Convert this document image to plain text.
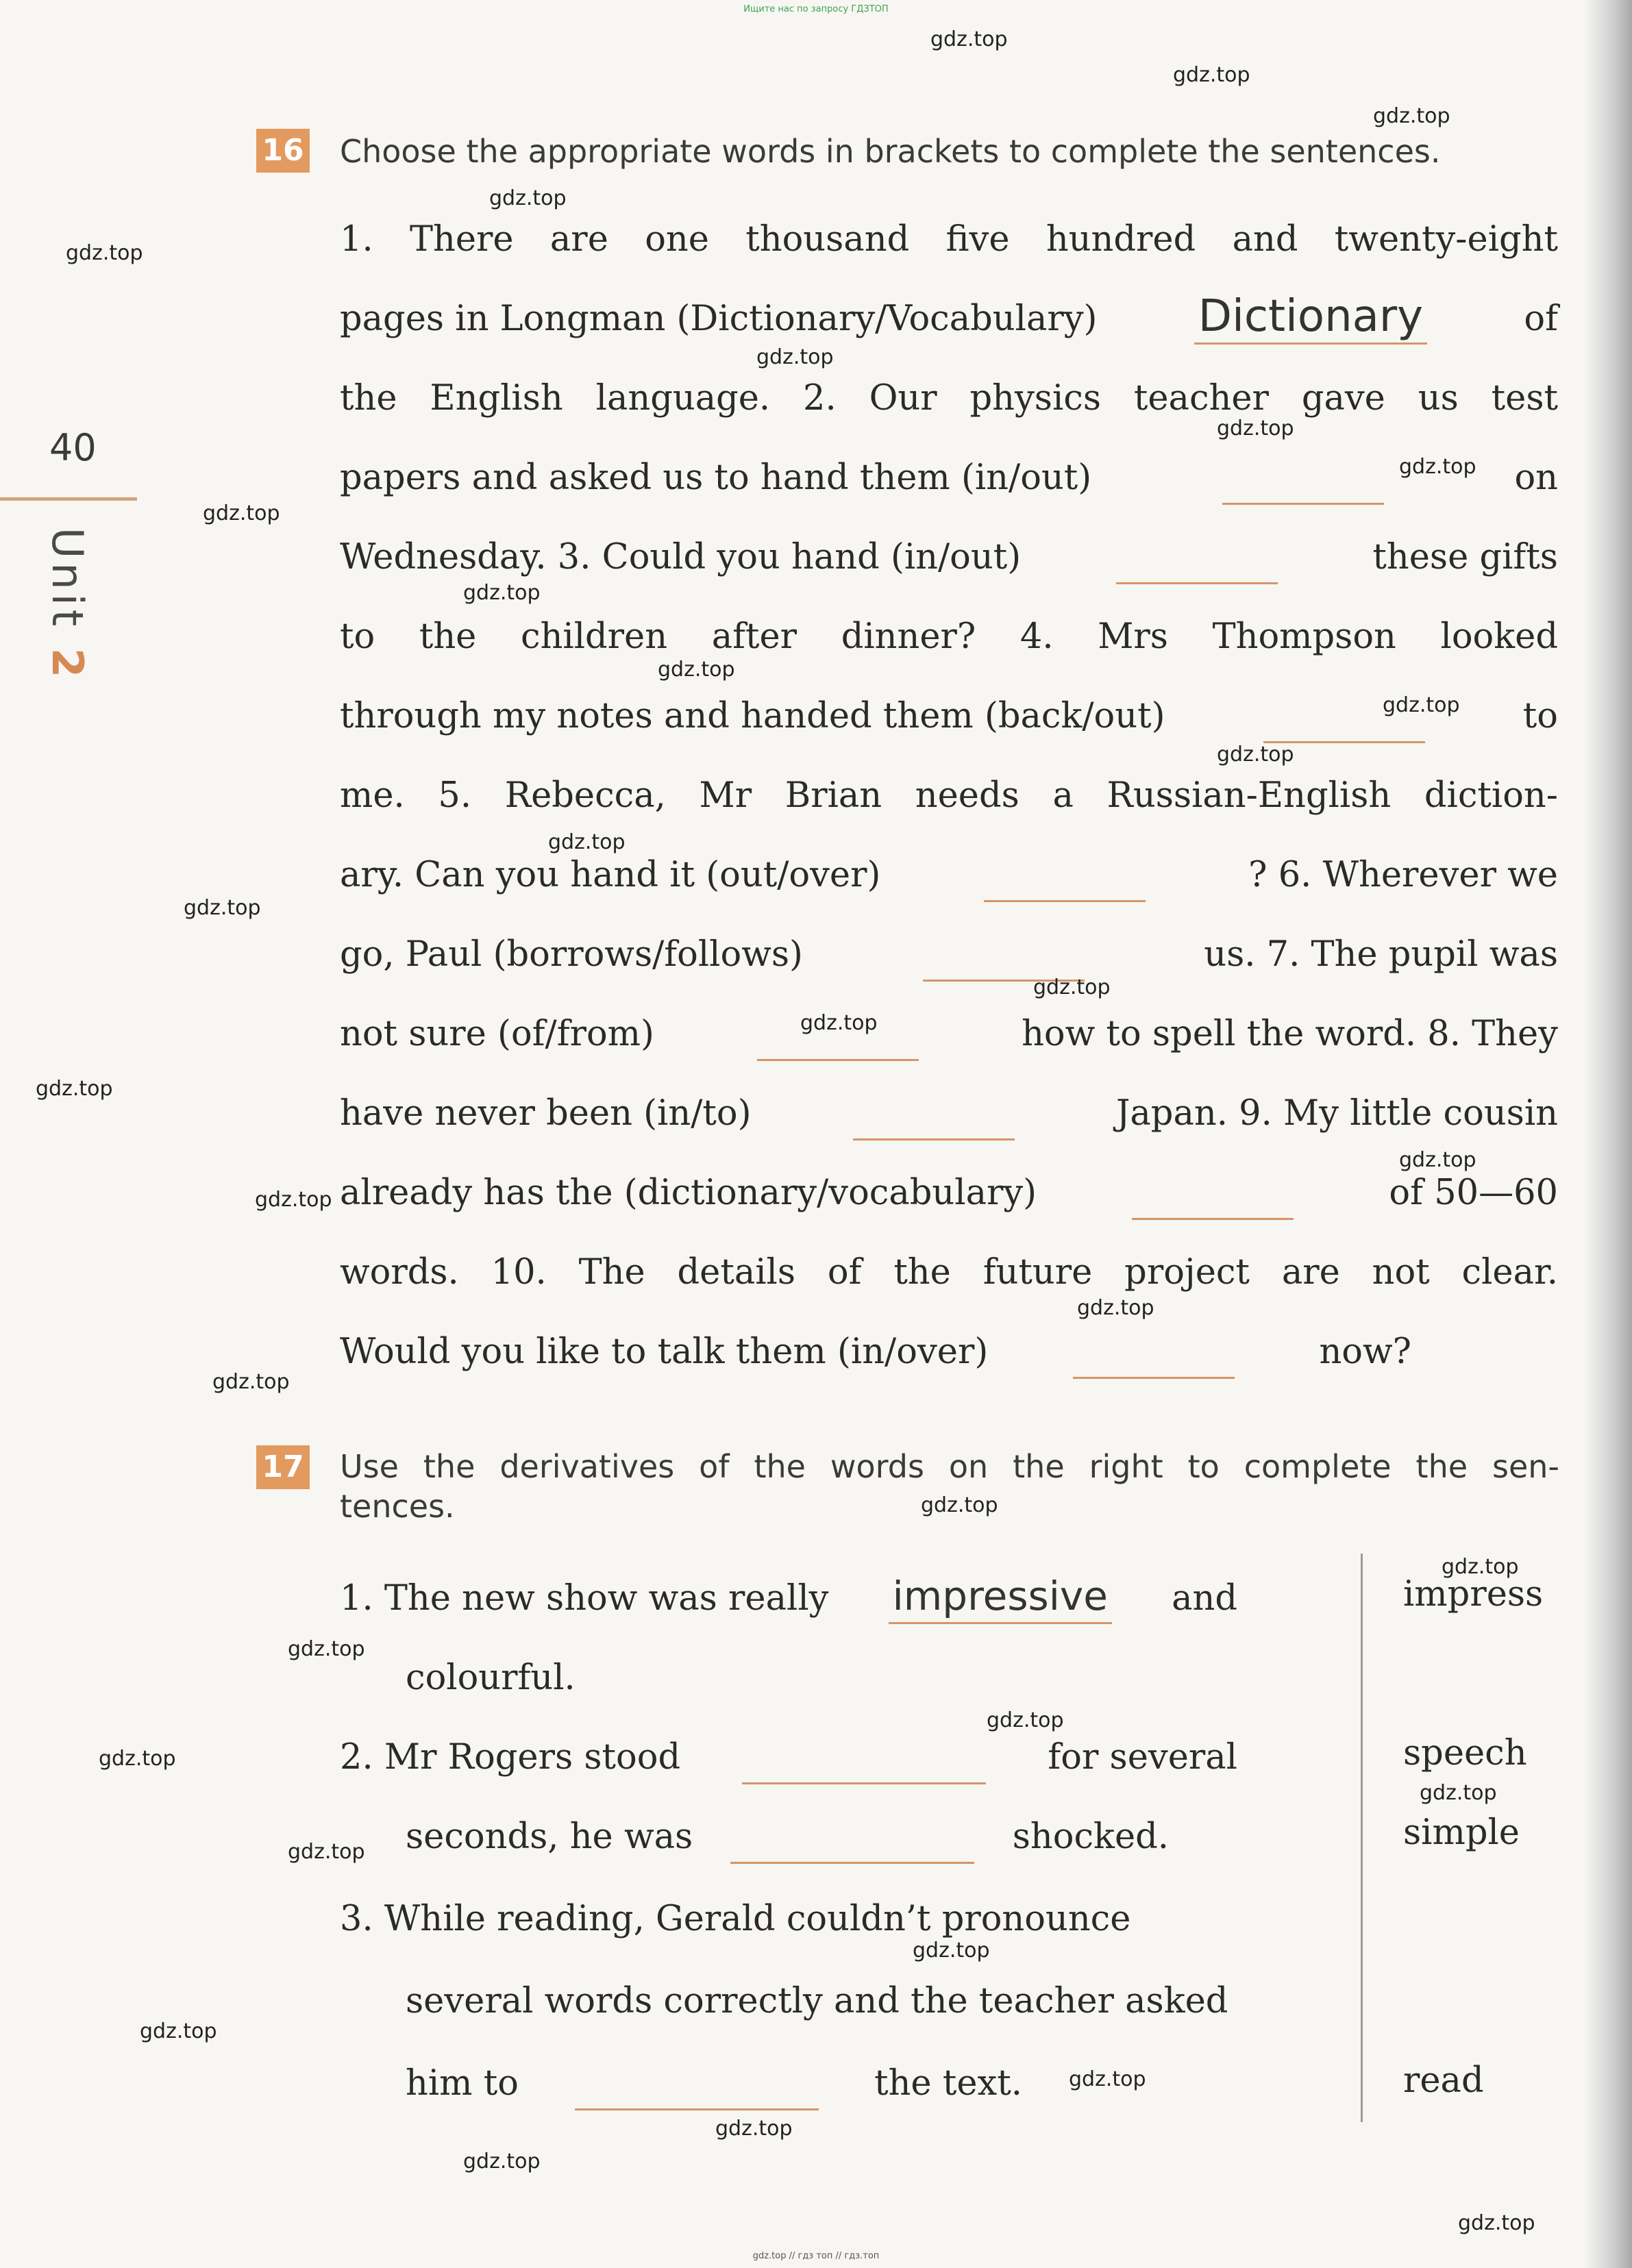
Ищите нас по запросу ГДЗТОП
40
Unit 2
16 Choose the appropriate words in brackets to complete the sentences.
1. There are one thousand five hundred and twenty-eight
pages in Longman (Dictionary/Vocabulary) Dictionary	of
the English language. 2. Our physics teacher gave us test
papers and asked us to hand them (in/out)	on
Wednesday. 3. Could you hand (in/out)	these gifts
to the children after dinner? 4. Mrs Thompson looked
through my notes and handed them (back/out)	to
me. 5. Rebecca, Mr Brian needs a Russian-English diction-
ary. Can you hand it (out/over)	? 6. Wherever we
go, Paul (borrows/follows)	us. 7. The pupil was
not sure (of/from)	how to spell the word. 8. They
have never been (in/to)	Japan. 9. My little cousin
already has the (dictionary/vocabulary)	of 50—60
words. 10. The details of the future project are not clear.
Would you like to talk them (in/over)	now?
17 Use the derivatives of the words on the right to complete the sen-
tences.
1. The new show was really impressive and
colourful.
2. Mr Rogers stood	for several
seconds, he was	shocked.
3. While reading, Gerald couldn’t pronounce
several words correctly and the teacher asked
him to	the text.
impress
speech
simple
read
gdz.top
gdz.top
gdz.top
gdz.top
gdz.top
gdz.top
gdz.top
gdz.top
gdz.top
gdz.top
gdz.top
gdz.top
gdz.top
gdz.top
gdz.top
gdz.top
gdz.top
gdz.top
gdz.top
gdz.top
gdz.top
gdz.top
gdz.top
gdz.top
gdz.top
gdz.top
gdz.top
gdz.top
gdz.top
gdz.top
gdz.top
gdz.top
gdz.top
gdz.top
gdz.top
gdz.top // гдз топ // гдз.топ
